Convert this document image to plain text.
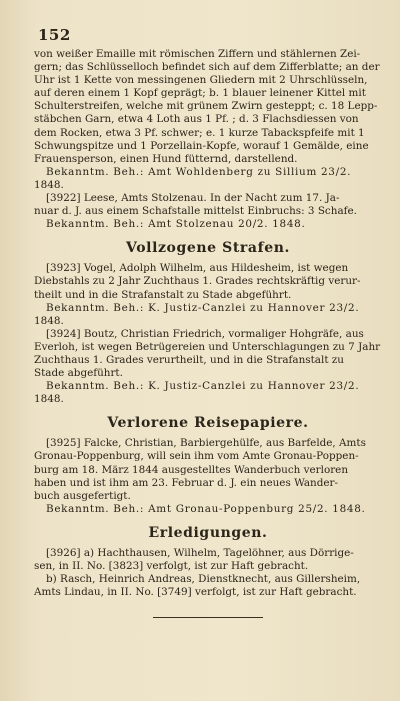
152

von weißer Emaille mit römischen Ziffern und stählernen Zei-

gern; das Schlüsselloch befindet sich auf dem Zifferblatte; an der

Uhr ist 1 Kette von messingenen Gliedern mit 2 Uhrschlüsseln,

auf deren einem 1 Kopf geprägt; b. 1 blauer leinener Kittel mit

Schulterstreifen, welche mit grünem Zwirn gesteppt; c. 18 Lepp-

stäbchen Garn, etwa 4 Loth aus 1 Pf. ; d. 3 Flachsdiessen von

dem Rocken, etwa 3 Pf. schwer; e. 1 kurze Tabackspfeife mit 1

Schwungspitze und 1 Porzellain-Kopfe, worauf 1 Gemälde, eine

Frauensperson, einen Hund fütternd, darstellend.

Bekanntm. Beh.: Amt Wohldenberg zu Sillium 23/2.

1848.

[3922] Leese, Amts Stolzenau. In der Nacht zum 17. Ja-

nuar d. J. aus einem Schafstalle mittelst Einbruchs: 3 Schafe.

Bekanntm. Beh.: Amt Stolzenau 20/2. 1848.

Vollzogene Strafen.

[3923] Vogel, Adolph Wilhelm, aus Hildesheim, ist wegen

Diebstahls zu 2 Jahr Zuchthaus 1. Grades rechtskräftig verur-

theilt und in die Strafanstalt zu Stade abgeführt.

Bekanntm. Beh.: K. Justiz-Canzlei zu Hannover 23/2.

1848.

[3924] Boutz, Christian Friedrich, vormaliger Hohgräfe, aus

Everloh, ist wegen Betrügereien und Unterschlagungen zu 7 Jahr

Zuchthaus 1. Grades verurtheilt, und in die Strafanstalt zu

Stade abgeführt.

Bekanntm. Beh.: K. Justiz-Canzlei zu Hannover 23/2.

1848.

Verlorene Reisepapiere.

[3925] Falcke, Christian, Barbiergehülfe, aus Barfelde, Amts

Gronau-Poppenburg, will sein ihm vom Amte Gronau-Poppen-

burg am 18. März 1844 ausgestelltes Wanderbuch verloren

haben und ist ihm am 23. Februar d. J. ein neues Wander-

buch ausgefertigt.

Bekanntm. Beh.: Amt Gronau-Poppenburg 25/2. 1848.

Erledigungen.

[3926] a) Hachthausen, Wilhelm, Tagelöhner, aus Dörrige-

sen, in II. No. [3823] verfolgt, ist zur Haft gebracht.

b) Rasch, Heinrich Andreas, Dienstknecht, aus Gillersheim,

Amts Lindau, in II. No. [3749] verfolgt, ist zur Haft gebracht.
